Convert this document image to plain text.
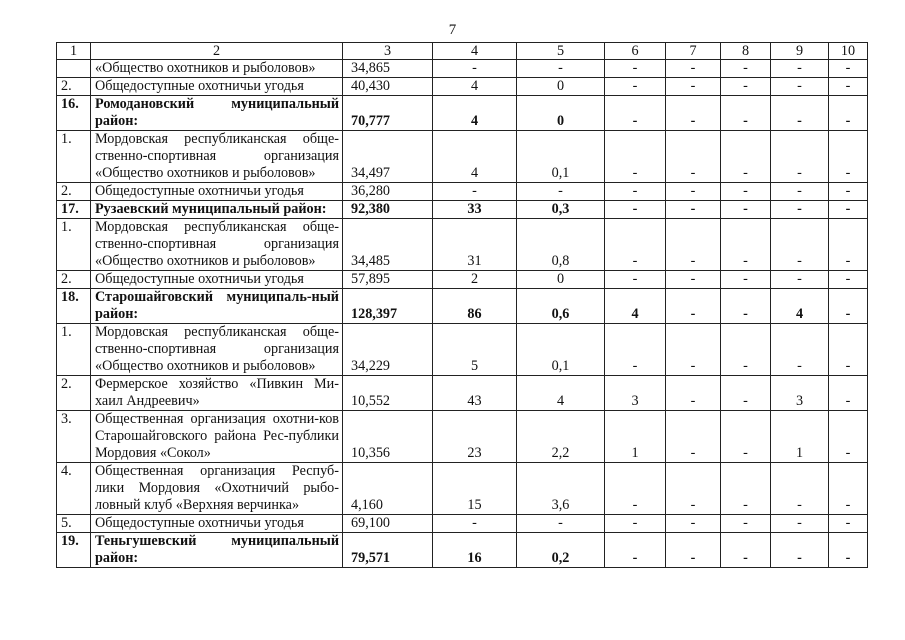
7
1	2	3	4	5	6	7	8	9	10
	«Общество охотников и рыболовов»	34,865	-	-	-	-	-	-	-
2.	Общедоступные охотничьи угодья	40,430	4	0	-	-	-	-	-
16.	Ромодановский муниципальный район:	70,777	4	0	-	-	-	-	-
1.	Мордовская республиканская обще-ственно-спортивная организация «Общество охотников и рыболовов»	34,497	4	0,1	-	-	-	-	-
2.	Общедоступные охотничьи угодья	36,280	-	-	-	-	-	-	-
17.	Рузаевский муниципальный район:	92,380	33	0,3	-	-	-	-	-
1.	Мордовская республиканская обще-ственно-спортивная организация «Общество охотников и рыболовов»	34,485	31	0,8	-	-	-	-	-
2.	Общедоступные охотничьи угодья	57,895	2	0	-	-	-	-	-
18.	Старошайговский муниципаль-ный район:	128,397	86	0,6	4	-	-	4	-
1.	Мордовская республиканская обще-ственно-спортивная организация «Общество охотников и рыболовов»	34,229	5	0,1	-	-	-	-	-
2.	Фермерское хозяйство «Пивкин Ми-хаил Андреевич»	10,552	43	4	3	-	-	3	-
3.	Общественная организация охотни-ков Старошайговского района Рес-публики Мордовия «Сокол»	10,356	23	2,2	1	-	-	1	-
4.	Общественная организация Респуб-лики Мордовия «Охотничий рыбо-ловный клуб «Верхняя верчинка»	4,160	15	3,6	-	-	-	-	-
5.	Общедоступные охотничьи угодья	69,100	-	-	-	-	-	-	-
19.	Теньгушевский муниципальный район:	79,571	16	0,2	-	-	-	-	-
